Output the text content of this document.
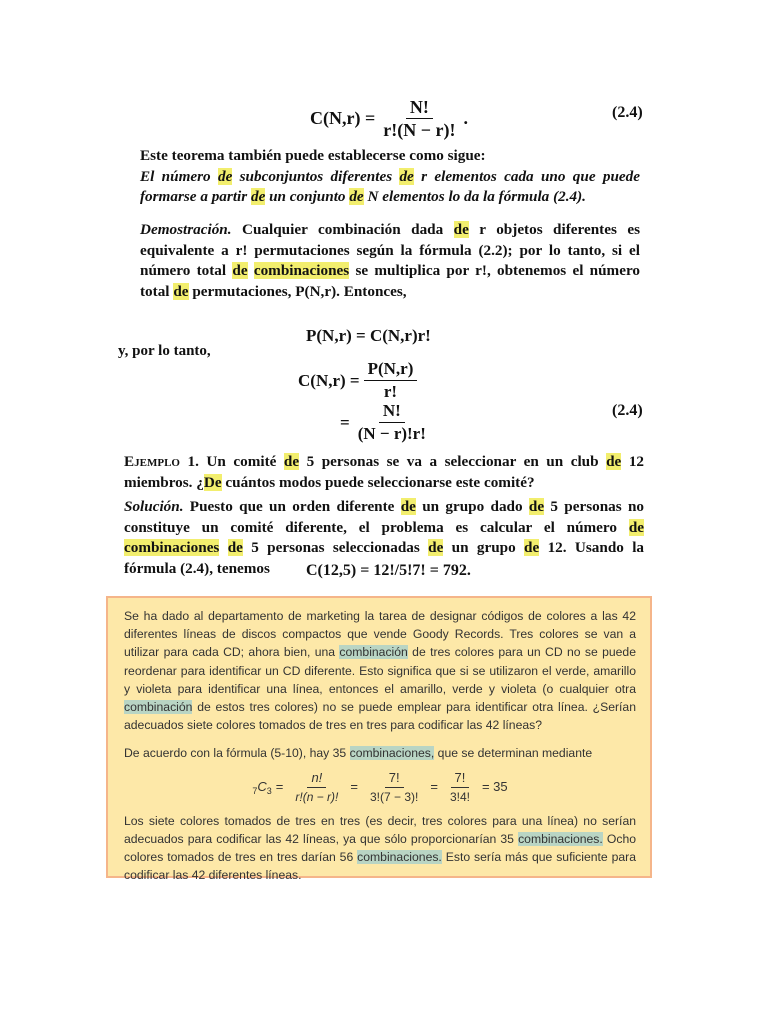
$C(N,r) = \frac{N!}{r!(N - r)!}$ .	(2.4)
Este teorema también puede establecerse como sigue:
El número de subconjuntos diferentes de r elementos cada uno que puede formarse a partir de un conjunto de N elementos lo da la fórmula (2.4).
Demostración. Cualquier combinación dada de r objetos diferentes es equivalente a r! permutaciones según la fórmula (2.2); por lo tanto, si el número total de combinaciones se multiplica por r!, obtenemos el número total de permutaciones, P(N,r). Entonces,
y, por lo tanto,
P(N,r) = C(N,r)r!
$C(N,r) = \frac{P(N,r)}{r!}$
= $\frac{N!}{(N - r)!r!}$	(2.4)
Ejemplo 1. Un comité de 5 personas se va a seleccionar en un club de 12 miembros. ¿De cuántos modos puede seleccionarse este comité?
Solución. Puesto que un orden diferente de un grupo dado de 5 personas no constituye un comité diferente, el problema es calcular el número de combinaciones de 5 personas seleccionadas de un grupo de 12. Usando la fórmula (2.4), tenemos	C(12,5) = 12!/5!7! = 792.

Se ha dado al departamento de marketing la tarea de designar códigos de colores a las 42 diferentes líneas de discos compactos que vende Goody Records. Tres colores se van a utilizar para cada CD; ahora bien, una combinación de tres colores para un CD no se puede reordenar para identificar un CD diferente. Esto significa que si se utilizaron el verde, amarillo y violeta para identificar una línea, entonces el amarillo, verde y violeta (o cualquier otra combinación de estos tres colores) no se puede emplear para identificar otra línea. ¿Serían adecuados siete colores tomados de tres en tres para codificar las 42 líneas?

De acuerdo con la fórmula (5-10), hay 35 combinaciones, que se determinan mediante

7 C $3 = \frac{n!}{r!(n - r)!} = \frac{7!}{3!(7 - 3)!} = \frac{7!}{3!4!} = 35$

Los siete colores tomados de tres en tres (es decir, tres colores para una línea) no serían adecuados para codificar las 42 líneas, ya que sólo proporcionarían 35 combinaciones. Ocho colores tomados de tres en tres darían 56 combinaciones. Esto sería más que suficiente para codificar las 42 diferentes líneas.
